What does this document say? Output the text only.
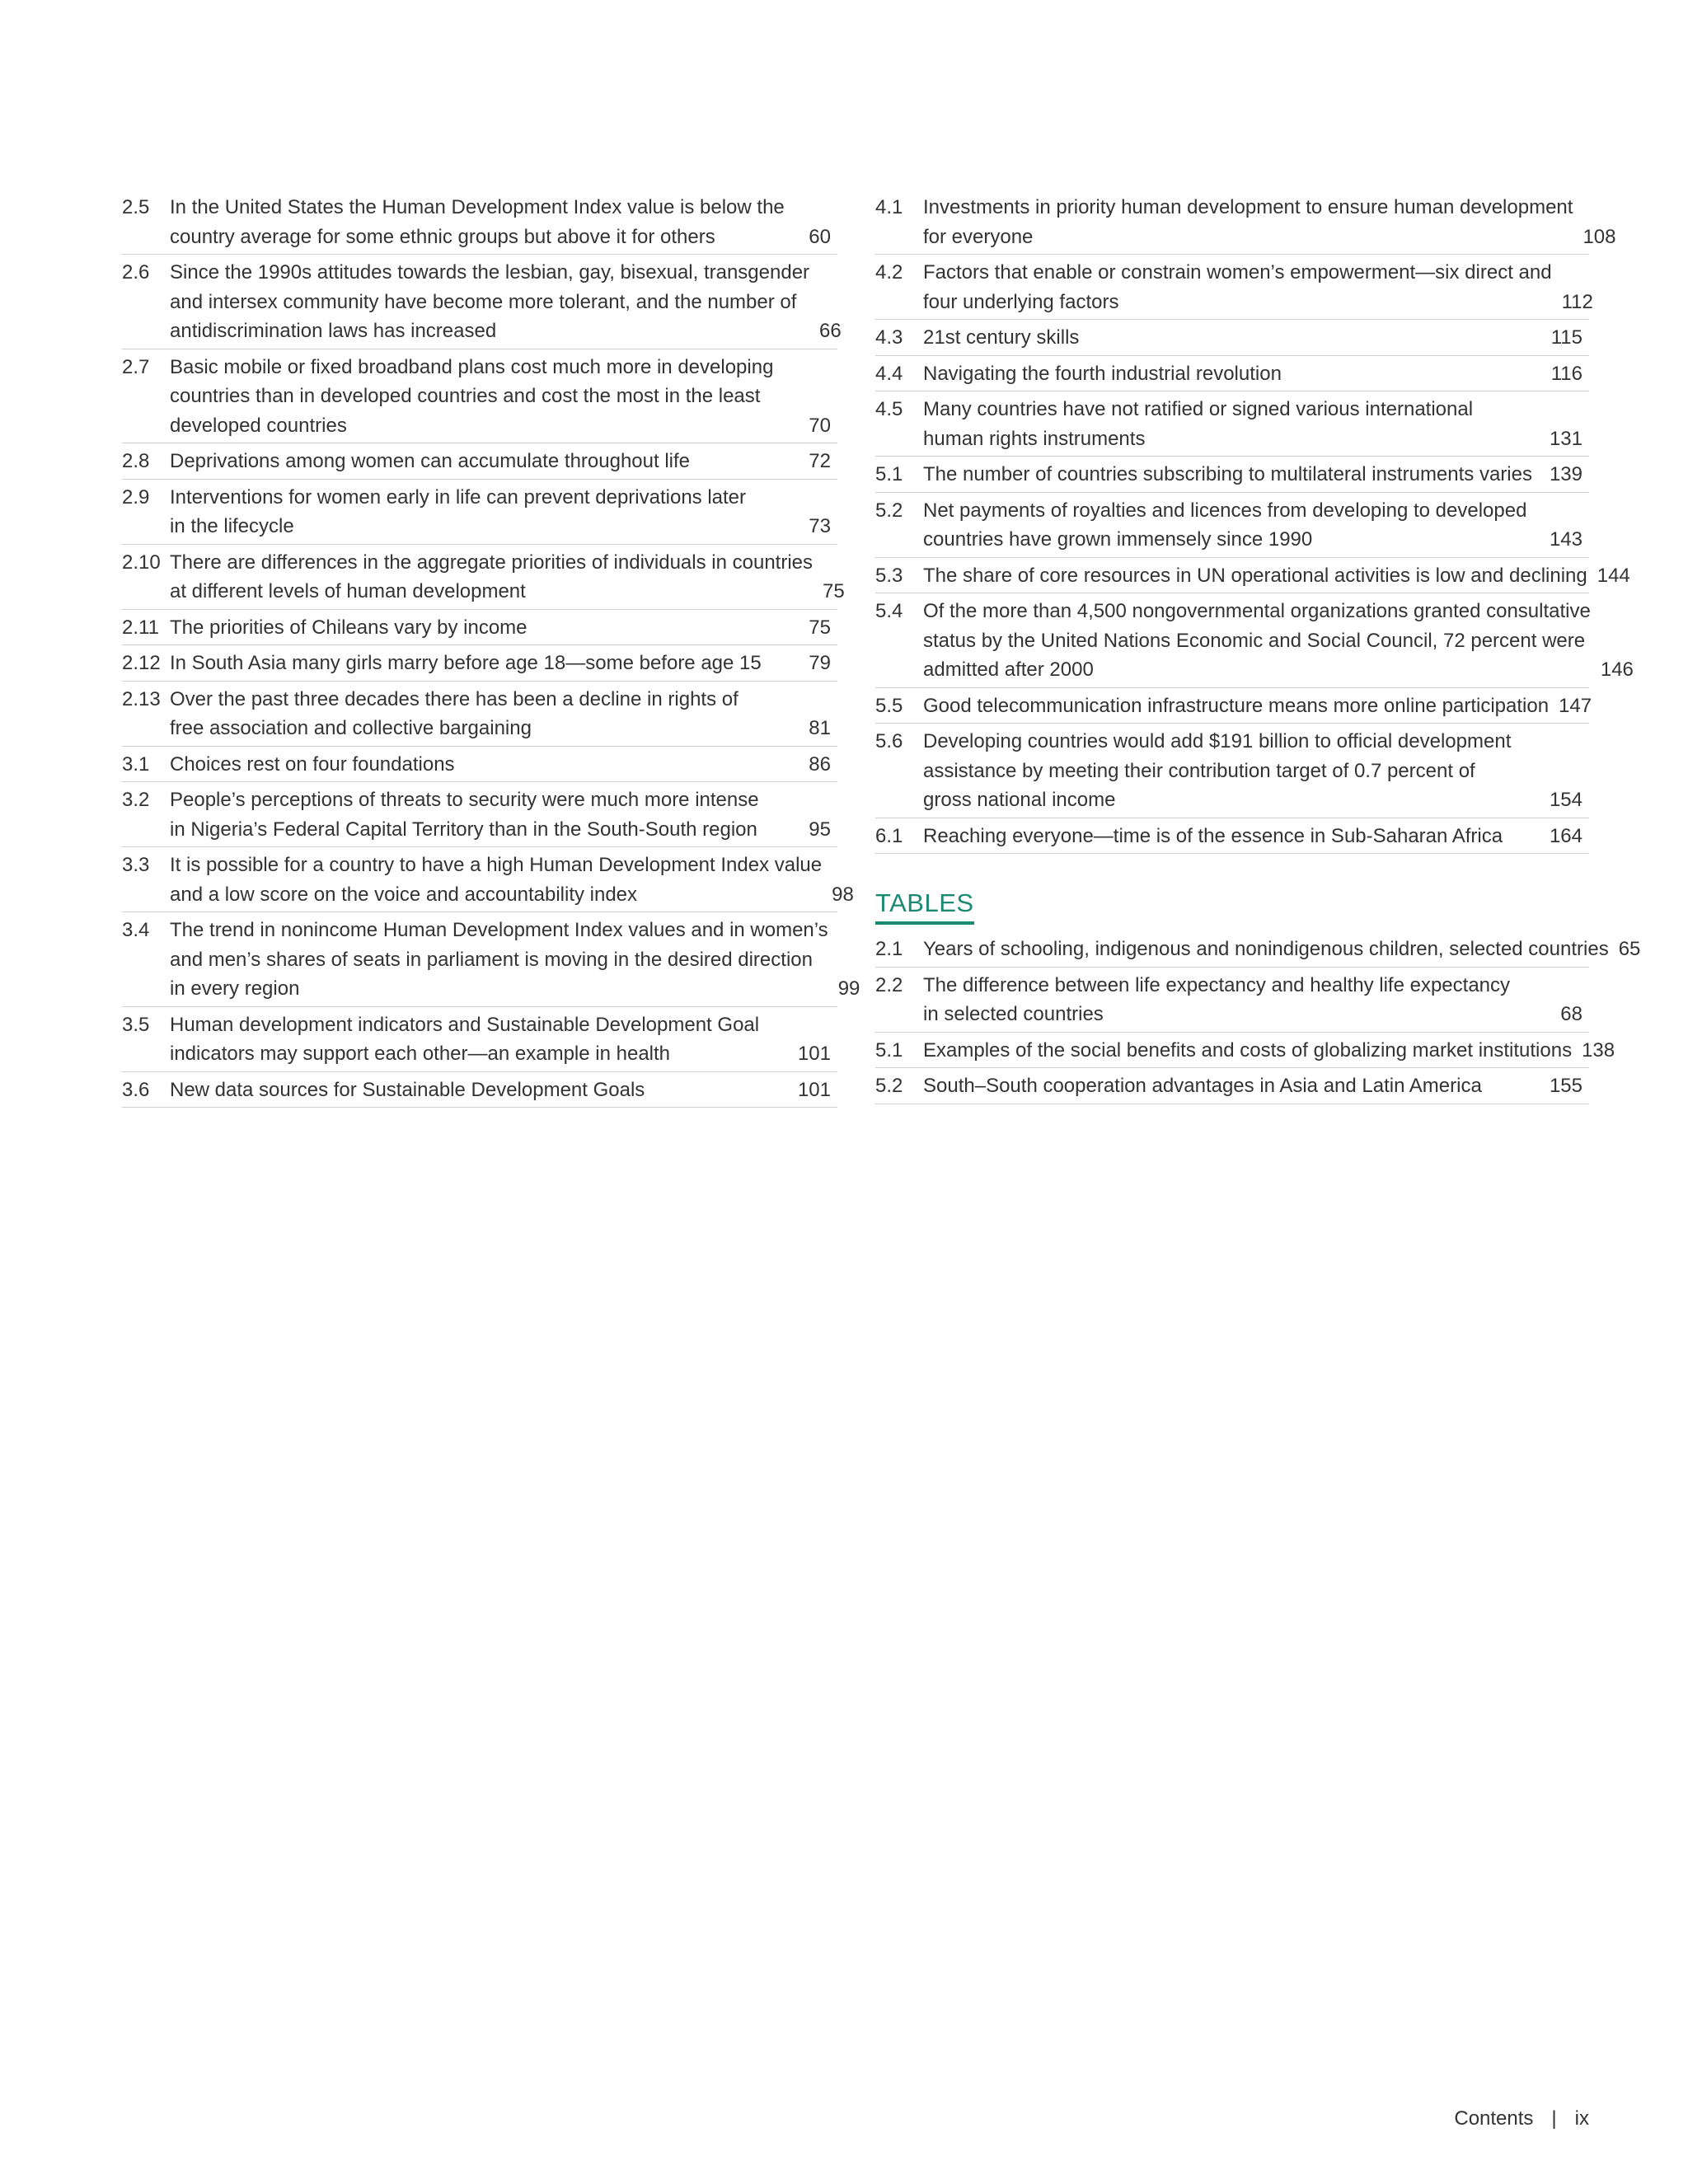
2.5	In the United States the Human Development Index value is below the
country average for some ethnic groups but above it for others	60
2.6	Since the 1990s attitudes towards the lesbian, gay, bisexual, transgender
and intersex community have become more tolerant, and the number of
antidiscrimination laws has increased	66
2.7	Basic mobile or fixed broadband plans cost much more in developing
countries than in developed countries and cost the most in the least
developed countries	70
2.8	Deprivations among women can accumulate throughout life	72
2.9	Interventions for women early in life can prevent deprivations later
in the lifecycle	73
2.10 There are differences in the aggregate priorities of individuals in countries
at different levels of human development	75
2.11 The priorities of Chileans vary by income	75
2.12 In South Asia many girls marry before age 18—some before age 15	79
2.13 Over the past three decades there has been a decline in rights of
free association and collective bargaining	81
3.1	Choices rest on four foundations	86
3.2	People’s perceptions of threats to security were much more intense
in Nigeria’s Federal Capital Territory than in the South-South region	95
3.3	It is possible for a country to have a high Human Development Index value
and a low score on the voice and accountability index	98
3.4	The trend in nonincome Human Development Index values and in women’s
and men’s shares of seats in parliament is moving in the desired direction
in every region	99
3.5	Human development indicators and Sustainable Development Goal
indicators may support each other—an example in health	101
3.6	New data sources for Sustainable Development Goals	101
4.1	Investments in priority human development to ensure human development
for everyone	108
4.2	Factors that enable or constrain women’s empowerment—six direct and
four underlying factors	112
4.3	21st century skills	115
4.4	Navigating the fourth industrial revolution	116
4.5	Many countries have not ratified or signed various international
human rights instruments	131
5.1	The number of countries subscribing to multilateral instruments varies 139
5.2	Net payments of royalties and licences from developing to developed
countries have grown immensely since 1990	143
5.3	The share of core resources in UN operational activities is low and declining 144
5.4	Of the more than 4,500 nongovernmental organizations granted consultative
status by the United Nations Economic and Social Council, 72 percent were
admitted after 2000	146
5.5	Good telecommunication infrastructure means more online participation 147
5.6	Developing countries would add $191 billion to official development
assistance by meeting their contribution target of 0.7 percent of
gross national income	154
6.1	Reaching everyone—time is of the essence in Sub-Saharan Africa	164
TABLES
2.1	Years of schooling, indigenous and nonindigenous children, selected countries 65
2.2	The difference between life expectancy and healthy life expectancy
in selected countries	68
5.1	Examples of the social benefits and costs of globalizing market institutions 138
5.2	South–South cooperation advantages in Asia and Latin America	155
Contents | ix
